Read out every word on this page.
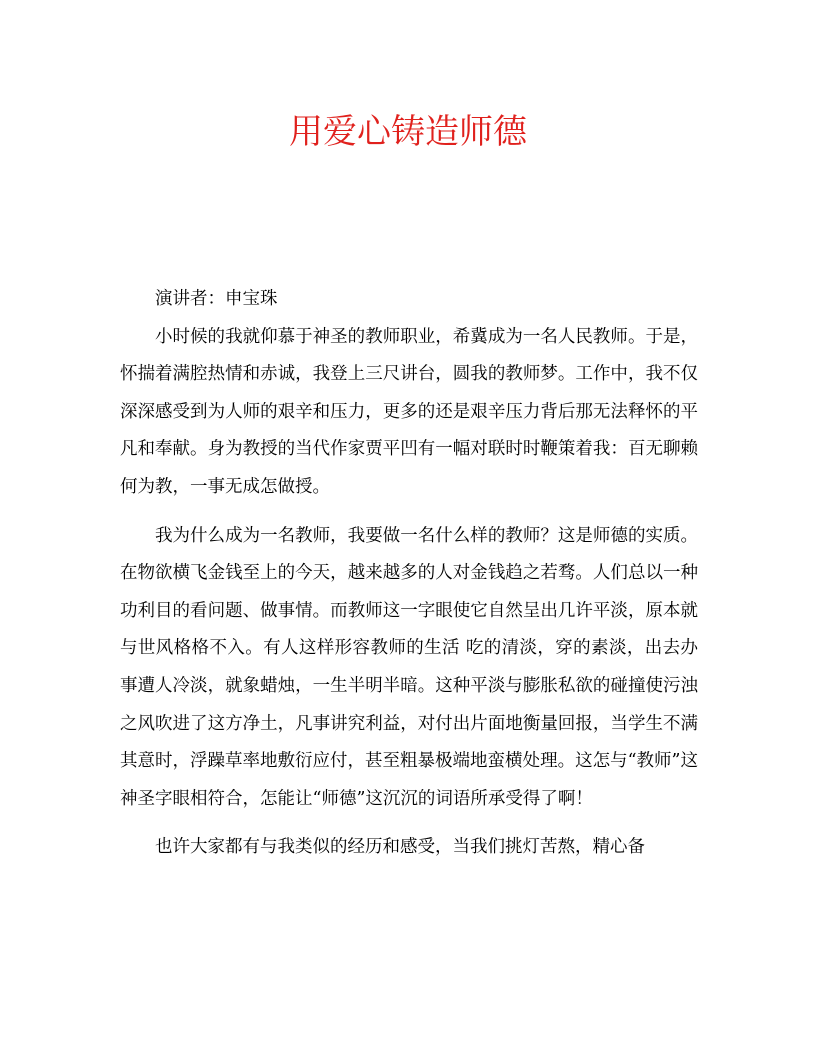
用爱心铸造师德

演讲者：申宝珠

小时候的我就仰慕于神圣的教师职业，希冀成为一名人民教师。于是，怀揣着满腔热情和赤诚，我登上三尺讲台，圆我的教师梦。工作中，我不仅深深感受到为人师的艰辛和压力，更多的还是艰辛压力背后那无法释怀的平凡和奉献。身为教授的当代作家贾平凹有一幅对联时时鞭策着我：百无聊赖何为教，一事无成怎做授。

我为什么成为一名教师，我要做一名什么样的教师？这是师德的实质。在物欲横飞金钱至上的今天，越来越多的人对金钱趋之若骛。人们总以一种功利目的看问题、做事情。而教师这一字眼使它自然呈出几许平淡，原本就与世风格格不入。有人这样形容教师的生活 吃的清淡，穿的素淡，出去办事遭人冷淡，就象蜡烛，一生半明半暗。这种平淡与膨胀私欲的碰撞使污浊之风吹进了这方净土，凡事讲究利益，对付出片面地衡量回报，当学生不满其意时，浮躁草率地敷衍应付，甚至粗暴极端地蛮横处理。这怎与“教师”这神圣字眼相符合，怎能让“师德”这沉沉的词语所承受得了啊！

也许大家都有与我类似的经历和感受，当我们挑灯苦熬，精心备
